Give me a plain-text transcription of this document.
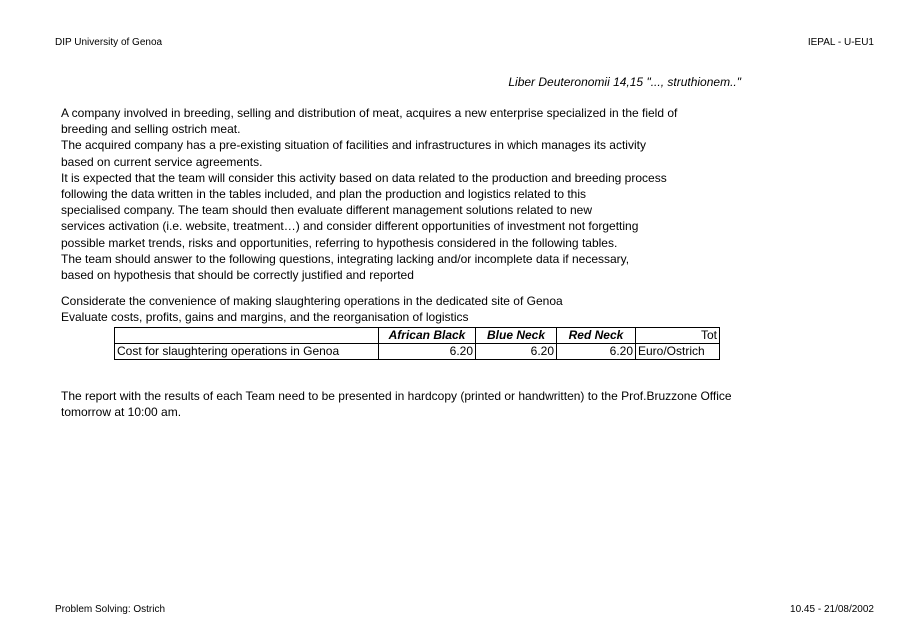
DIP University of Genoa	IEPAL - U-EU1
Liber Deuteronomii 14,15 "..., struthionem.."
A company involved in breeding, selling and distribution of meat, acquires a new enterprise specialized in the field of
breeding and selling ostrich meat.
The acquired company has a pre-existing situation of facilities and infrastructures in which manages its activity
based on current service agreements.
It is expected that the team will consider this activity based on data related to the production and breeding process
following the data written in the tables included, and plan the production and logistics related to this
specialised company. The team should then evaluate different management solutions related to new
services activation (i.e. website, treatment…) and consider different opportunities of investment not forgetting
possible market trends, risks and opportunities, referring to hypothesis considered in the following tables.
The team should answer to the following questions, integrating lacking and/or incomplete data if necessary,
based on hypothesis that should be correctly justified and reported
Considerate the convenience of making slaughtering operations in the dedicated site of Genoa
Evaluate costs, profits, gains and margins, and the reorganisation of logistics
	African Black	Blue Neck	Red Neck	Tot
Cost for slaughtering operations in Genoa	6.20	6.20	6.20	Euro/Ostrich
The report with the results of each Team need to be presented in hardcopy (printed or handwritten) to the Prof.Bruzzone Office
tomorrow at 10:00 am.
Problem Solving: Ostrich	10.45 - 21/08/2002
